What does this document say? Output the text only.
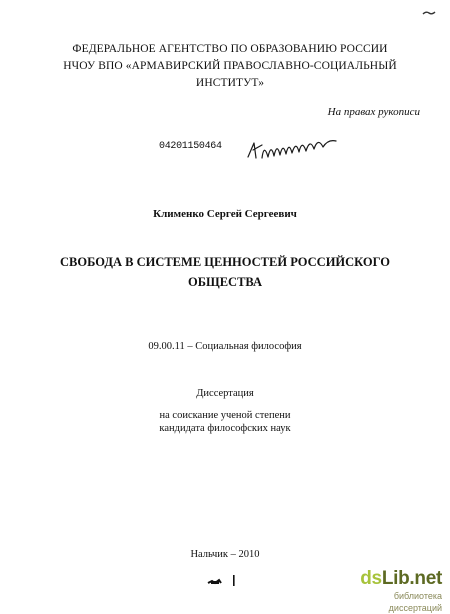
ФЕДЕРАЛЬНОЕ АГЕНТСТВО ПО ОБРАЗОВАНИЮ РОССИИ
НЧОУ ВПО «АРМАВИРСКИЙ ПРАВОСЛАВНО-СОЦИАЛЬНЫЙ
ИНСТИТУТ»
На правах рукописи
04201150464
Клименко Сергей Сергеевич
СВОБОДА В СИСТЕМЕ ЦЕННОСТЕЙ РОССИЙСКОГО
ОБЩЕСТВА
09.00.11 – Социальная философия
Диссертация
на соискание ученой степени
кандидата философских наук
Нальчик – 2010
dsLib.net
библиотека диссертаций
